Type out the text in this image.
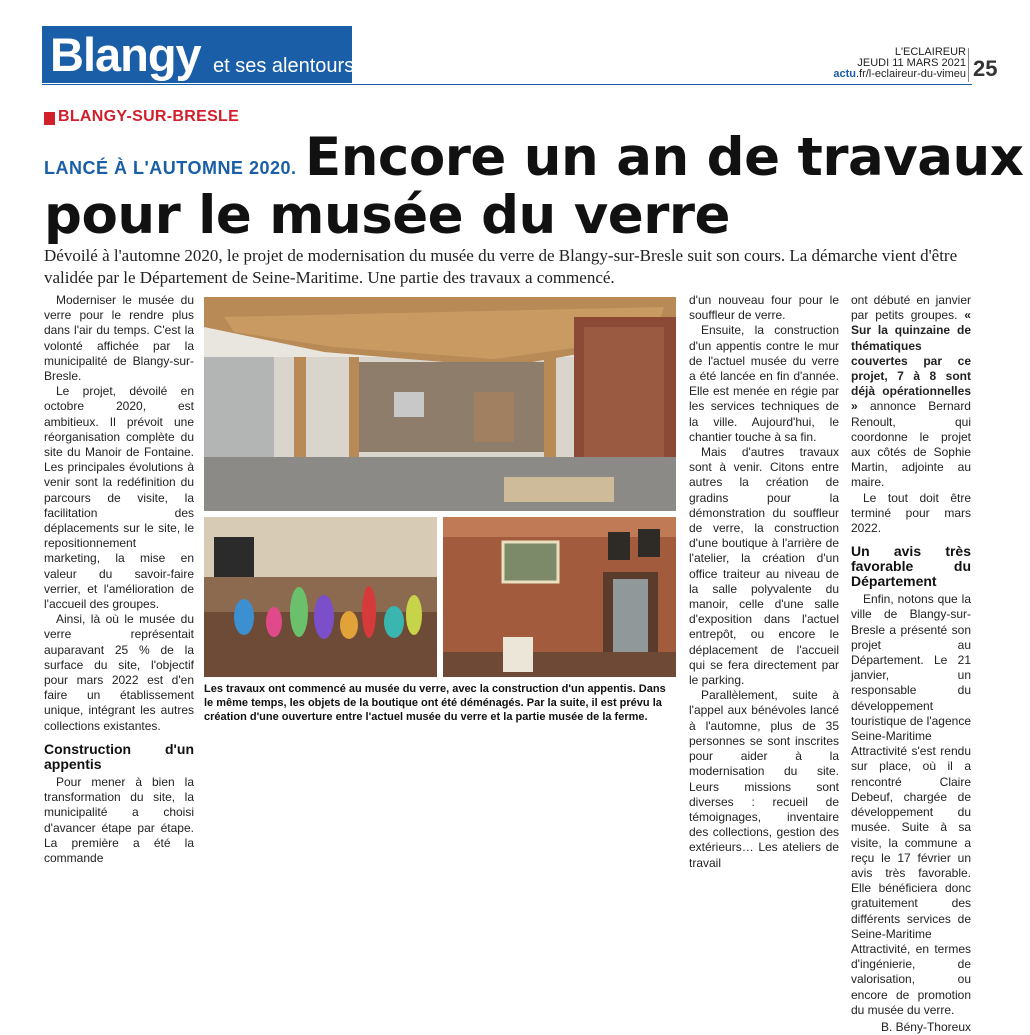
Blangy et ses alentours
L'ECLAIREUR
JEUDI 11 MARS 2021
actu.fr/l-eclaireur-du-vimeu 25
BLANGY-SUR-BRESLE
LANCÉ À L'AUTOMNE 2020. Encore un an de travaux
pour le musée du verre
Dévoilé à l'automne 2020, le projet de modernisation du musée du verre de Blangy-sur-Bresle suit son cours. La démarche vient d'être validée par le Département de Seine-Maritime. Une partie des travaux a commencé.

Moderniser le musée du verre pour le rendre plus dans l'air du temps. C'est la volonté affichée par la municipalité de Blangy-sur-Bresle.

Le projet, dévoilé en octobre 2020, est ambitieux. Il prévoit une réorganisation complète du site du Manoir de Fontaine. Les principales évolutions à venir sont la redéfinition du parcours de visite, la facilitation des déplacements sur le site, le repositionnement marketing, la mise en valeur du savoir-faire verrier, et l'amélioration de l'accueil des groupes.

Ainsi, là où le musée du verre représentait auparavant 25 % de la surface du site, l'objectif pour mars 2022 est d'en faire un établissement unique, intégrant les autres collections existantes.

Construction d'un appentis

Pour mener à bien la transformation du site, la municipalité a choisi d'avancer étape par étape. La première a été la commande

Les travaux ont commencé au musée du verre, avec la construction d'un appentis. Dans le même temps, les objets de la boutique ont été déménagés. Par la suite, il est prévu la création d'une ouverture entre l'actuel musée du verre et la partie musée de la ferme.

d'un nouveau four pour le souffleur de verre.

Ensuite, la construction d'un appentis contre le mur de l'actuel musée du verre a été lancée en fin d'année. Elle est menée en régie par les services techniques de la ville. Aujourd'hui, le chantier touche à sa fin.

Mais d'autres travaux sont à venir. Citons entre autres la création de gradins pour la démonstration du souffleur de verre, la construction d'une boutique à l'arrière de l'atelier, la création d'un office traiteur au niveau de la salle polyvalente du manoir, celle d'une salle d'exposition dans l'actuel entrepôt, ou encore le déplacement de l'accueil qui se fera directement par le parking.

Parallèlement, suite à l'appel aux bénévoles lancé à l'automne, plus de 35 personnes se sont inscrites pour aider à la modernisation du site. Leurs missions sont diverses : recueil de témoignages, inventaire des collections, gestion des extérieurs… Les ateliers de travail

ont débuté en janvier par petits groupes. « Sur la quinzaine de thématiques couvertes par ce projet, 7 à 8 sont déjà opérationnelles » annonce Bernard Renoult, qui coordonne le projet aux côtés de Sophie Martin, adjointe au maire.

Le tout doit être terminé pour mars 2022.

Un avis très favorable du Département

Enfin, notons que la ville de Blangy-sur-Bresle a présenté son projet au Département. Le 21 janvier, un responsable du développement touristique de l'agence Seine-Maritime Attractivité s'est rendu sur place, où il a rencontré Claire Debeuf, chargée de développement du musée. Suite à sa visite, la commune a reçu le 17 février un avis très favorable. Elle bénéficiera donc gratuitement des différents services de Seine-Maritime Attractivité, en termes d'ingénierie, de valorisation, ou encore de promotion du musée du verre.

B. Bény-Thoreux
